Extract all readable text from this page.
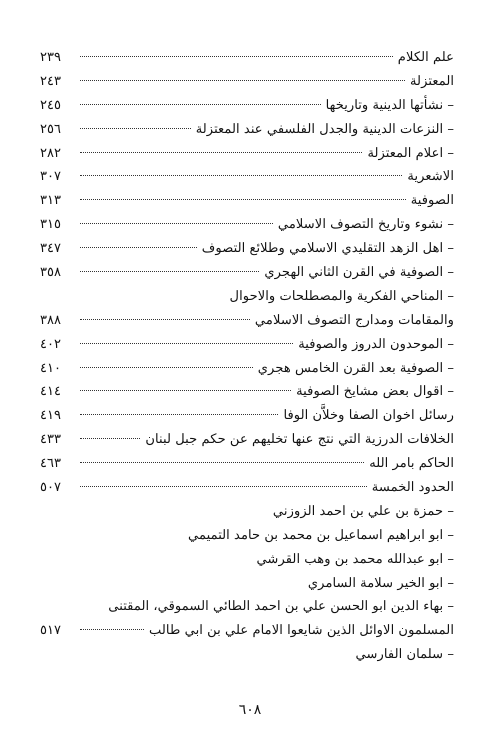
علم الكلام
٢٣٩
المعتزلة
٢٤٣
– نشأتها الدينية وتاريخها
٢٤٥
– النزعات الدينية والجدل الفلسفي عند المعتزلة
٢٥٦
– اعلام المعتزلة
٢٨٢
الاشعرية
٣٠٧
الصوفية
٣١٣
– نشوء وتاريخ التصوف الاسلامي
٣١٥
– اهل الزهد التقليدي الاسلامي وطلائع التصوف
٣٤٧
– الصوفية في القرن الثاني الهجري
٣٥٨
– المناحي الفكرية والمصطلحات والاحوال
والمقامات ومدارج التصوف الاسلامي
٣٨٨
– الموحدون الدروز والصوفية
٤٠٢
– الصوفية بعد القرن الخامس هجري
٤١٠
– اقوال بعض مشايخ الصوفية
٤١٤
رسائل اخوان الصفا وخلاَّن الوفا
٤١٩
الخلافات الدرزية التي نتج عنها تخليهم عن حكم جبل لبنان
٤٣٣
الحاكم بامر الله
٤٦٣
الحدود الخمسة
٥٠٧
– حمزة بن علي بن احمد الزوزني
– ابو ابراهيم اسماعيل بن محمد بن حامد التميمي
– ابو عبدالله محمد بن وهب القرشي
– ابو الخير سلامة السامري
– بهاء الدين ابو الحسن علي بن احمد الطائي السموقي، المقتنى
المسلمون الاوائل الذين شايعوا الامام علي بن ابي طالب
٥١٧
– سلمان الفارسي
٦٠٨
